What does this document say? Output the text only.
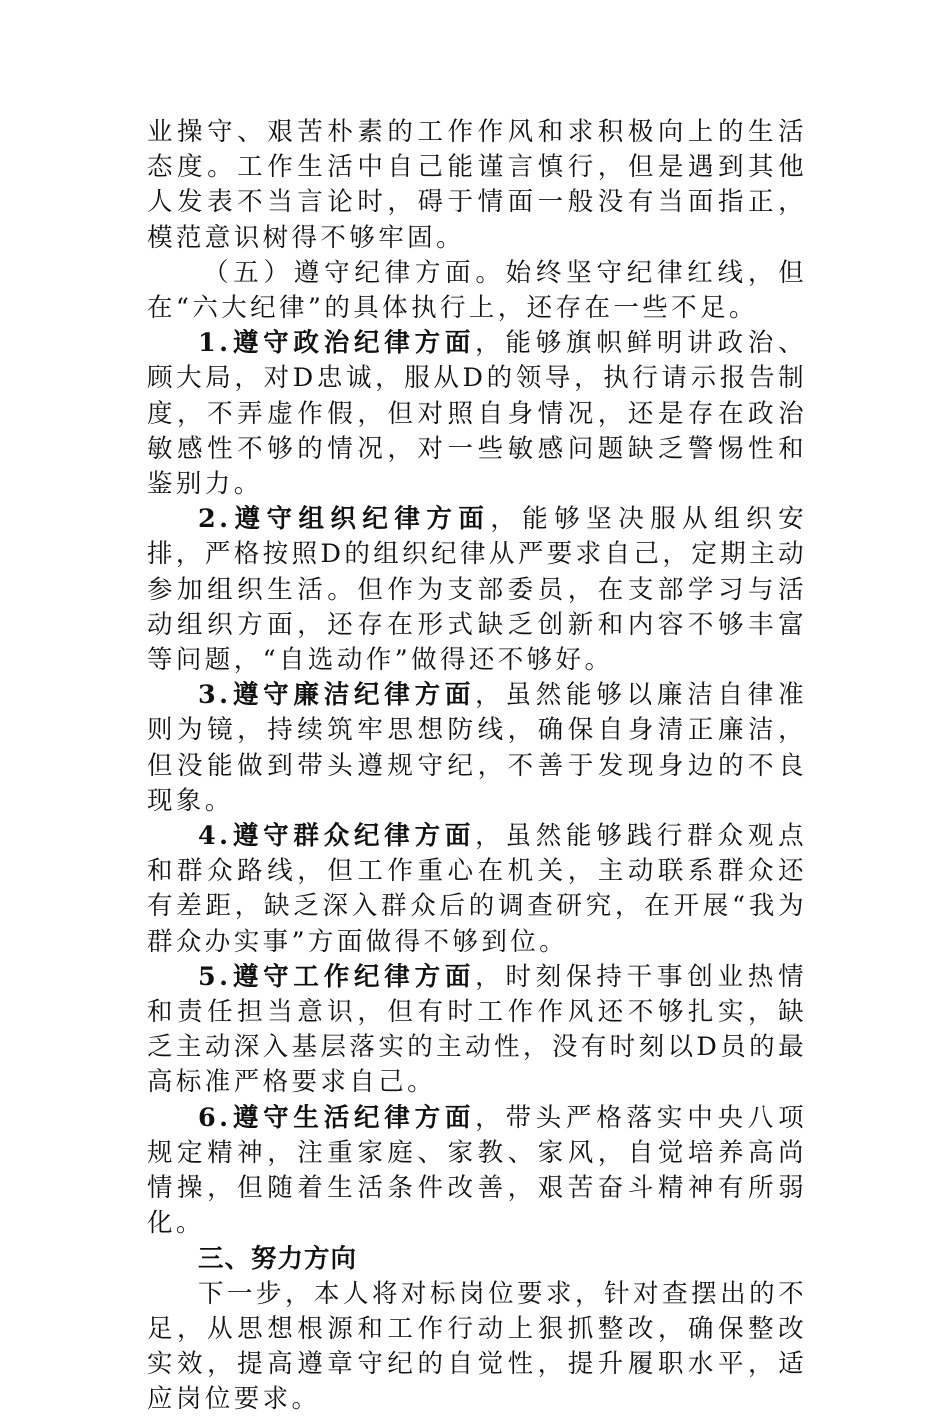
业操守、艰苦朴素的工作作风和求积极向上的生活态度。工作生活中自己能谨言慎行，但是遇到其他人发表不当言论时，碍于情面一般没有当面指正，模范意识树得不够牢固。

（五）遵守纪律方面。始终坚守纪律红线，但在“六大纪律”的具体执行上，还存在一些不足。

1.遵守政治纪律方面，能够旗帜鲜明讲政治、顾大局，对D忠诚，服从D的领导，执行请示报告制度，不弄虚作假，但对照自身情况，还是存在政治敏感性不够的情况，对一些敏感问题缺乏警惕性和鉴别力。

2.遵守组织纪律方面，能够坚决服从组织安排，严格按照D的组织纪律从严要求自己，定期主动参加组织生活。但作为支部委员，在支部学习与活动组织方面，还存在形式缺乏创新和内容不够丰富等问题，“自选动作”做得还不够好。

3.遵守廉洁纪律方面，虽然能够以廉洁自律准则为镜，持续筑牢思想防线，确保自身清正廉洁，但没能做到带头遵规守纪，不善于发现身边的不良现象。

4.遵守群众纪律方面，虽然能够践行群众观点和群众路线，但工作重心在机关，主动联系群众还有差距，缺乏深入群众后的调查研究，在开展“我为群众办实事”方面做得不够到位。

5.遵守工作纪律方面，时刻保持干事创业热情和责任担当意识，但有时工作作风还不够扎实，缺乏主动深入基层落实的主动性，没有时刻以D员的最高标准严格要求自己。

6.遵守生活纪律方面，带头严格落实中央八项规定精神，注重家庭、家教、家风，自觉培养高尚情操，但随着生活条件改善，艰苦奋斗精神有所弱化。

三、努力方向

下一步，本人将对标岗位要求，针对查摆出的不足，从思想根源和工作行动上狠抓整改，确保整改实效，提高遵章守纪的自觉性，提升履职水平，适应岗位要求。
